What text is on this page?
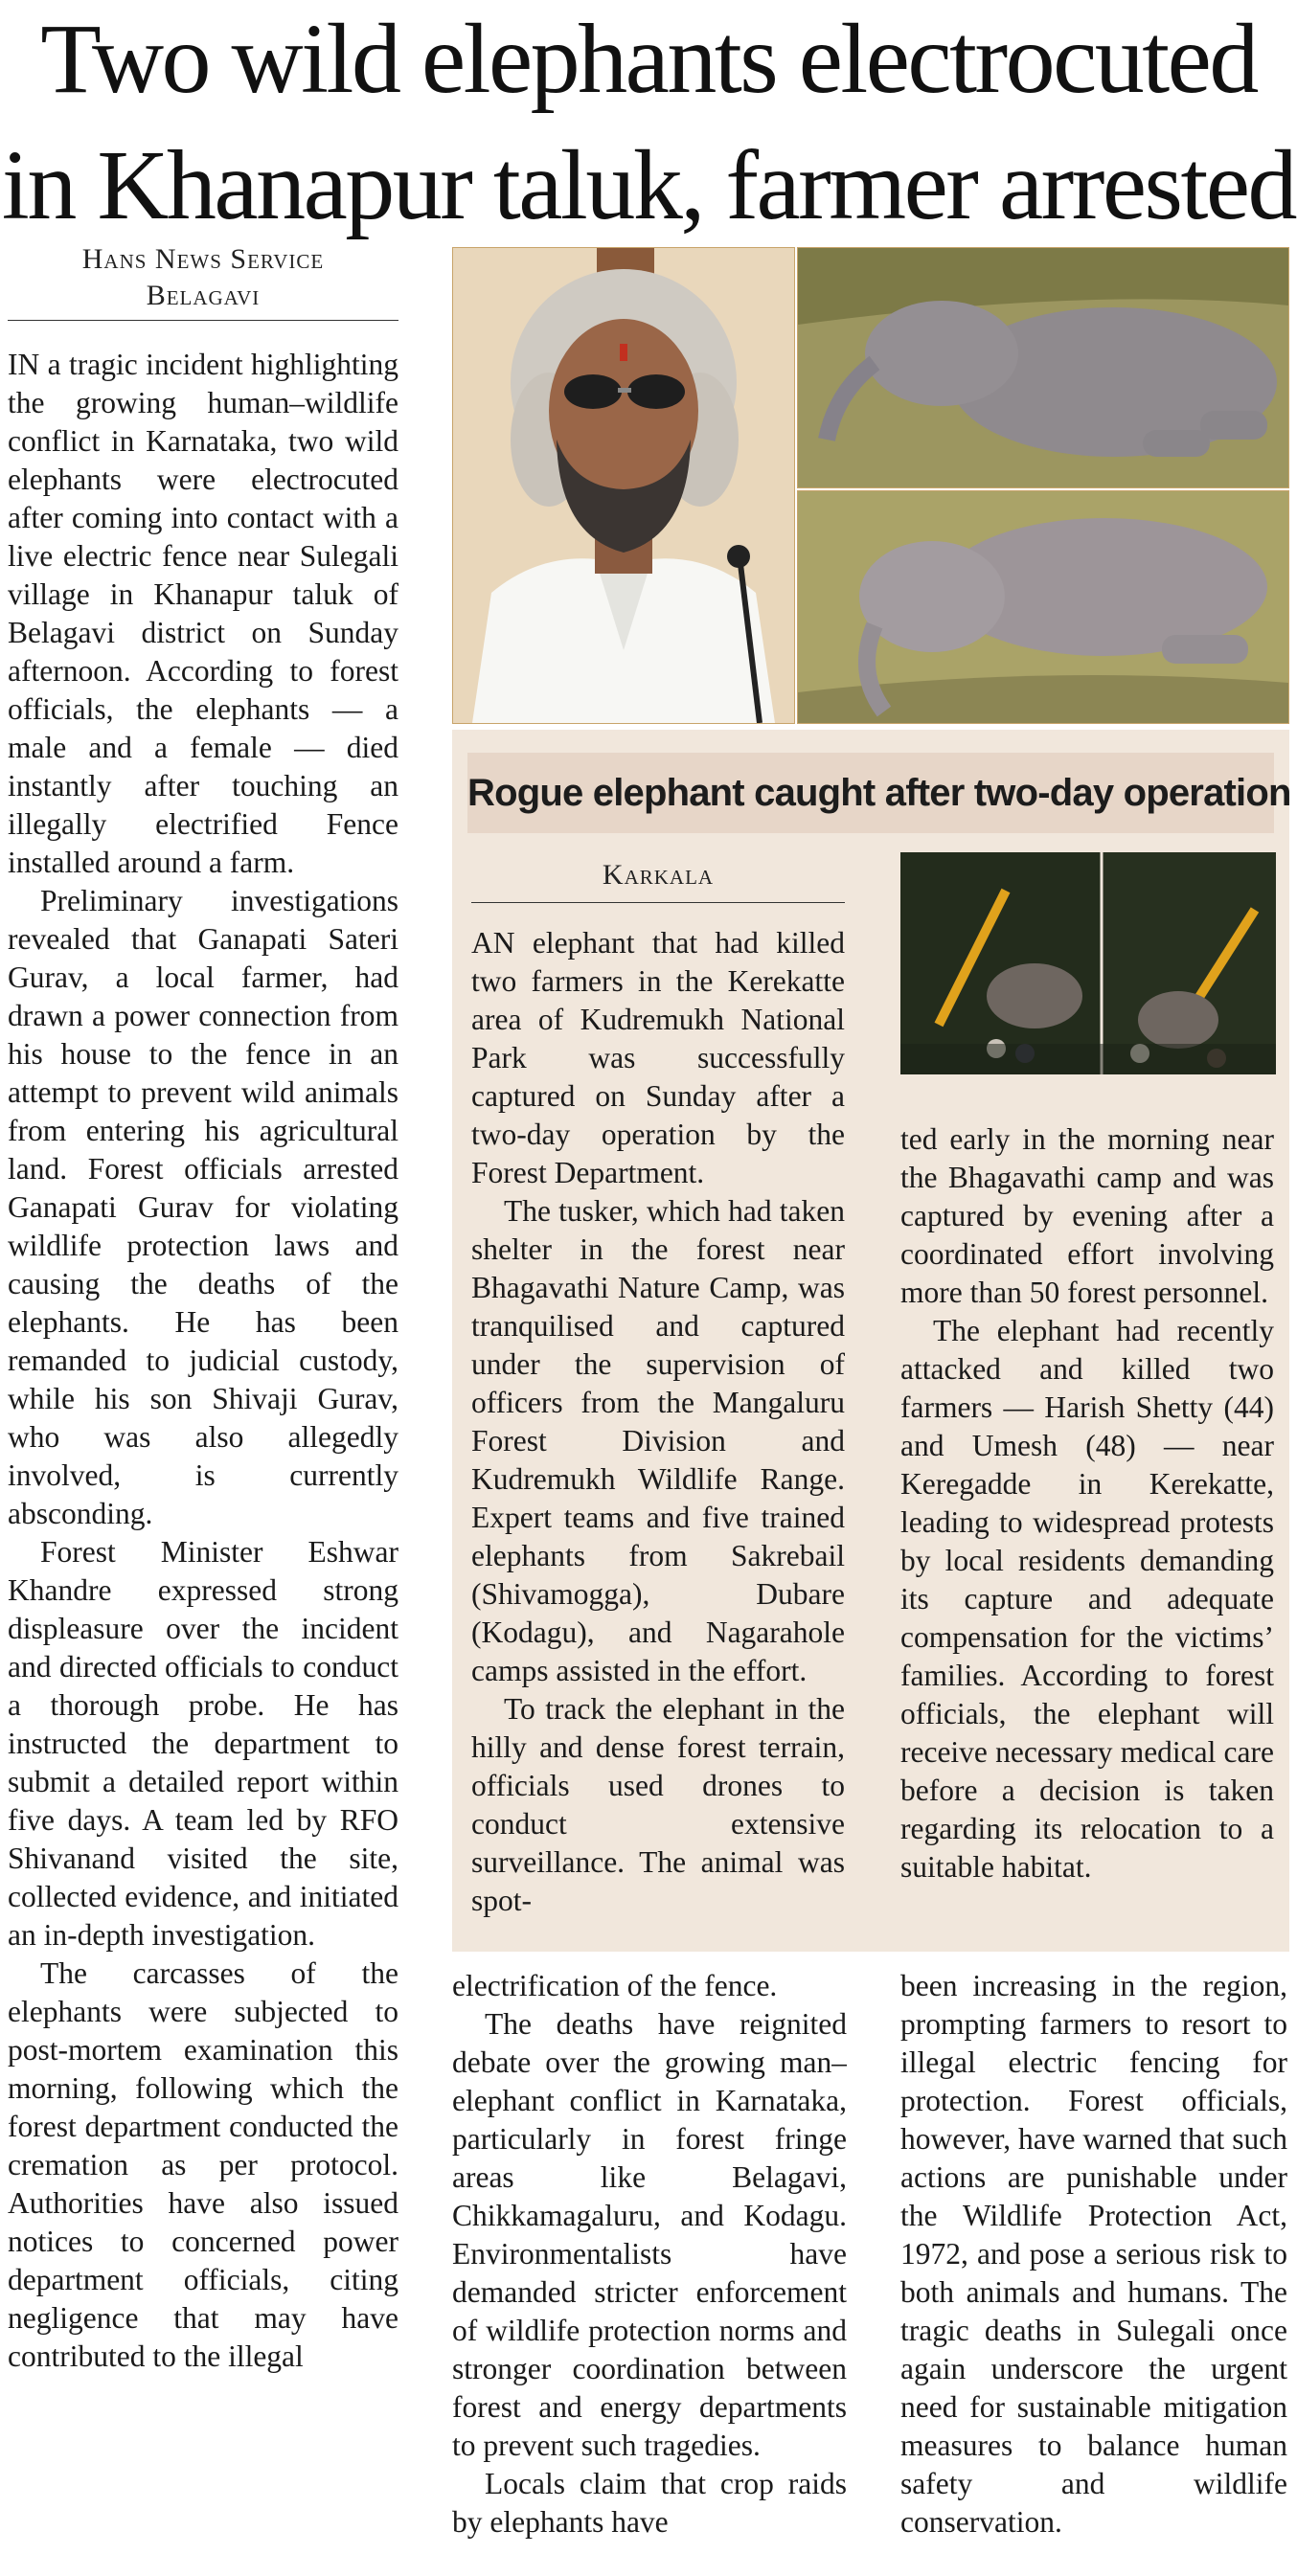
Two wild elephants electrocuted
in Khanapur taluk, farmer arrested
Hans News Service
Belagavi

IN a tragic incident highlighting the growing human–wildlife conflict in Karnataka, two wild elephants were electrocuted after coming into contact with a live electric fence near Sulegali village in Khanapur taluk of Belagavi district on Sunday afternoon. According to forest officials, the elephants — a male and a female — died instantly after touching an illegally electrified Fence installed around a farm.

Preliminary investigations revealed that Ganapati Sateri Gurav, a local farmer, had drawn a power connection from his house to the fence in an attempt to prevent wild animals from entering his agricultural land. Forest officials arrested Ganapati Gurav for violating wildlife protection laws and causing the deaths of the elephants. He has been remanded to judicial custody, while his son Shivaji Gurav, who was also allegedly involved, is currently absconding.

Forest Minister Eshwar Khandre expressed strong displeasure over the incident and directed officials to conduct a thorough probe. He has instructed the department to submit a detailed report within five days. A team led by RFO Shivanand visited the site, collected evidence, and initiated an in-depth investigation.

The carcasses of the elephants were subjected to post-mortem examination this morning, following which the forest department conducted the cremation as per protocol. Authorities have also issued notices to concerned power department officials, citing negligence that may have contributed to the illegal

Rogue elephant caught after two-day operation
Karkala

AN elephant that had killed two farmers in the Kerekatte area of Kudremukh National Park was successfully captured on Sunday after a two-day operation by the Forest Department.

The tusker, which had taken shelter in the forest near Bhagavathi Nature Camp, was tranquilised and captured under the supervision of officers from the Mangaluru Forest Division and Kudremukh Wildlife Range. Expert teams and five trained elephants from Sakrebail (Shivamogga), Dubare (Kodagu), and Nagarahole camps assisted in the effort.

To track the elephant in the hilly and dense forest terrain, officials used drones to conduct extensive surveillance. The animal was spot-

ted early in the morning near the Bhagavathi camp and was captured by evening after a coordinated effort involving more than 50 forest personnel.

The elephant had recently attacked and killed two farmers — Harish Shetty (44) and Umesh (48) — near Keregadde in Kerekatte, leading to widespread protests by local residents demanding its capture and adequate compensation for the victims’ families. According to forest officials, the elephant will receive necessary medical care before a decision is taken regarding its relocation to a suitable habitat.

electrification of the fence.

The deaths have reignited debate over the growing man–elephant conflict in Karnataka, particularly in forest fringe areas like Belagavi, Chikkamagaluru, and Kodagu. Environmentalists have demanded stricter enforcement of wildlife protection norms and stronger coordination between forest and energy departments to prevent such tragedies.

Locals claim that crop raids by elephants have

been increasing in the region, prompting farmers to resort to illegal electric fencing for protection. Forest officials, however, have warned that such actions are punishable under the Wildlife Protection Act, 1972, and pose a serious risk to both animals and humans. The tragic deaths in Sulegali once again underscore the urgent need for sustainable mitigation measures to balance human safety and wildlife conservation.
